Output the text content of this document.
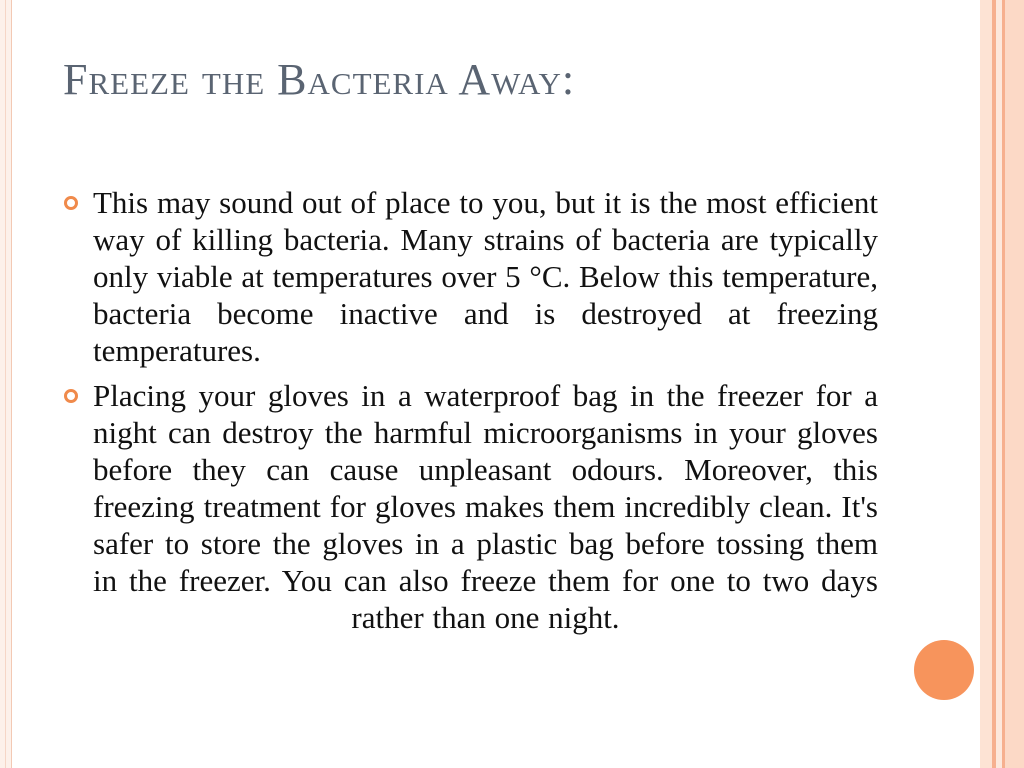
Freeze the Bacteria Away:

This may sound out of place to you, but it is the most efficient way of killing bacteria. Many strains of bacteria are typically only viable at temperatures over 5 °C. Below this temperature, bacteria become inactive and is destroyed at freezing temperatures.

Placing your gloves in a waterproof bag in the freezer for a night can destroy the harmful microorganisms in your gloves before they can cause unpleasant odours. Moreover, this freezing treatment for gloves makes them incredibly clean. It's safer to store the gloves in a plastic bag before tossing them in the freezer. You can also freeze them for one to two days rather than one night.
